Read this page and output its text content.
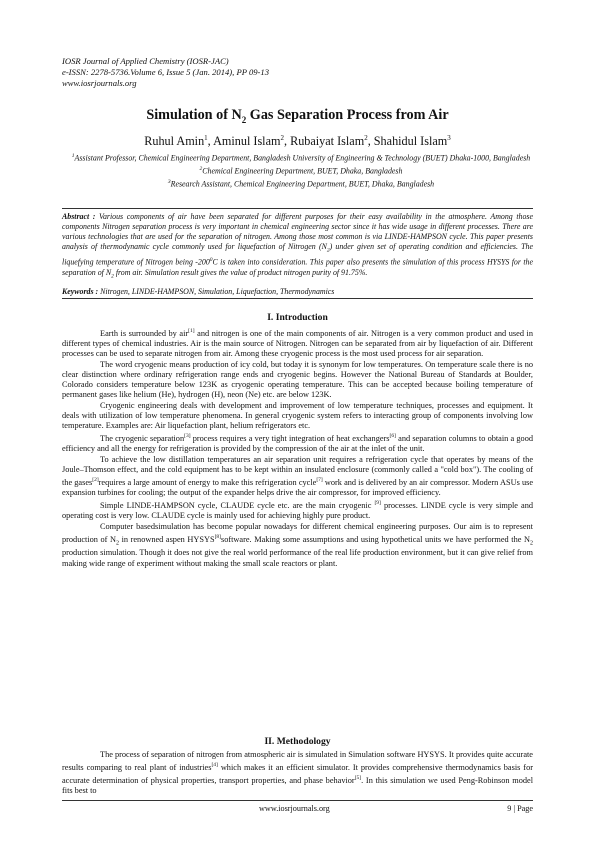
IOSR Journal of Applied Chemistry (IOSR-JAC)
e-ISSN: 2278-5736.Volume 6, Issue 5 (Jan. 2014), PP 09-13
www.iosrjournals.org
Simulation of $N_2$ Gas Separation Process from Air
Ruhul Amin$^1$, Aminul Islam$^2$, Rubaiyat Islam$^2$, Shahidul Islam$^3$
$^1$Assistant Professor, Chemical Engineering Department, Bangladesh University of Engineering & Technology (BUET) Dhaka-1000, Bangladesh
$^2$Chemical Engineering Department, BUET, Dhaka, Bangladesh
$^3$Research Assistant, Chemical Engineering Department, BUET, Dhaka, Bangladesh
Abstract : Various components of air have been separated for different purposes for their easy availability in the atmosphere. Among those components Nitrogen separation process is very important in chemical engineering sector since it has wide usage in different processes. There are various technologies that are used for the separation of nitrogen. Among those most common is via LINDE-HAMPSON cycle. This paper presents analysis of thermodynamic cycle commonly used for liquefaction of Nitrogen $(N_2)$ under given set of operating condition and efficiencies. The liquefying temperature of Nitrogen being $-200^0C$ is taken into consideration. This paper also presents the simulation of this process HYSYS for the separation of $N_2$ from air. Simulation result gives the value of product nitrogen purity of 91.75%.
Keywords : Nitrogen, LINDE-HAMPSON, Simulation, Liquefaction, Thermodynamics
I. Introduction

Earth is surrounded by air[1] and nitrogen is one of the main components of air. Nitrogen is a very common product and used in different types of chemical industries. Air is the main source of Nitrogen. Nitrogen can be separated from air by liquefaction of air. Different processes can be used to separate nitrogen from air. Among these cryogenic process is the most used process for air separation.

The word cryogenic means production of icy cold, but today it is synonym for low temperatures. On temperature scale there is no clear distinction where ordinary refrigeration range ends and cryogenic begins. However the National Bureau of Standards at Boulder, Colorado considers temperature below 123K as cryogenic operating temperature. This can be accepted because boiling temperature of permanent gases like helium (He), hydrogen (H), neon (Ne) etc. are below 123K.

Cryogenic engineering deals with development and improvement of low temperature techniques, processes and equipment. It deals with utilization of low temperature phenomena. In general cryogenic system refers to interacting group of components involving low temperature. Examples are: Air liquefaction plant, helium refrigerators etc.

The cryogenic separation[3] process requires a very tight integration of heat exchangers[6] and separation columns to obtain a good efficiency and all the energy for refrigeration is provided by the compression of the air at the inlet of the unit.

To achieve the low distillation temperatures an air separation unit requires a refrigeration cycle that operates by means of the Joule–Thomson effect, and the cold equipment has to be kept within an insulated enclosure (commonly called a "cold box"). The cooling of the gases[2]requires a large amount of energy to make this refrigeration cycle[7] work and is delivered by an air compressor. Modern ASUs use expansion turbines for cooling; the output of the expander helps drive the air compressor, for improved efficiency.

Simple LINDE-HAMPSON cycle, CLAUDE cycle etc. are the main cryogenic [9] processes. LINDE cycle is very simple and operating cost is very low. CLAUDE cycle is mainly used for achieving highly pure product.

Computer basedsimulation has become popular nowadays for different chemical engineering purposes. Our aim is to represent production of $N_2$ in renowned aspen HYSYS[8]software. Making some assumptions and using hypothetical units we have performed the $N_2$ production simulation. Though it does not give the real world performance of the real life production environment, but it can give relief from making wide range of experiment without making the small scale reactors or plant.

II. Methodology

The process of separation of nitrogen from atmospheric air is simulated in Simulation software HYSYS. It provides quite accurate results comparing to real plant of industries[4] which makes it an efficient simulator. It provides comprehensive thermodynamics basis for accurate determination of physical properties, transport properties, and phase behavior[5]. In this simulation we used Peng-Robinson model fits best to

www.iosrjournals.org	9 | Page
